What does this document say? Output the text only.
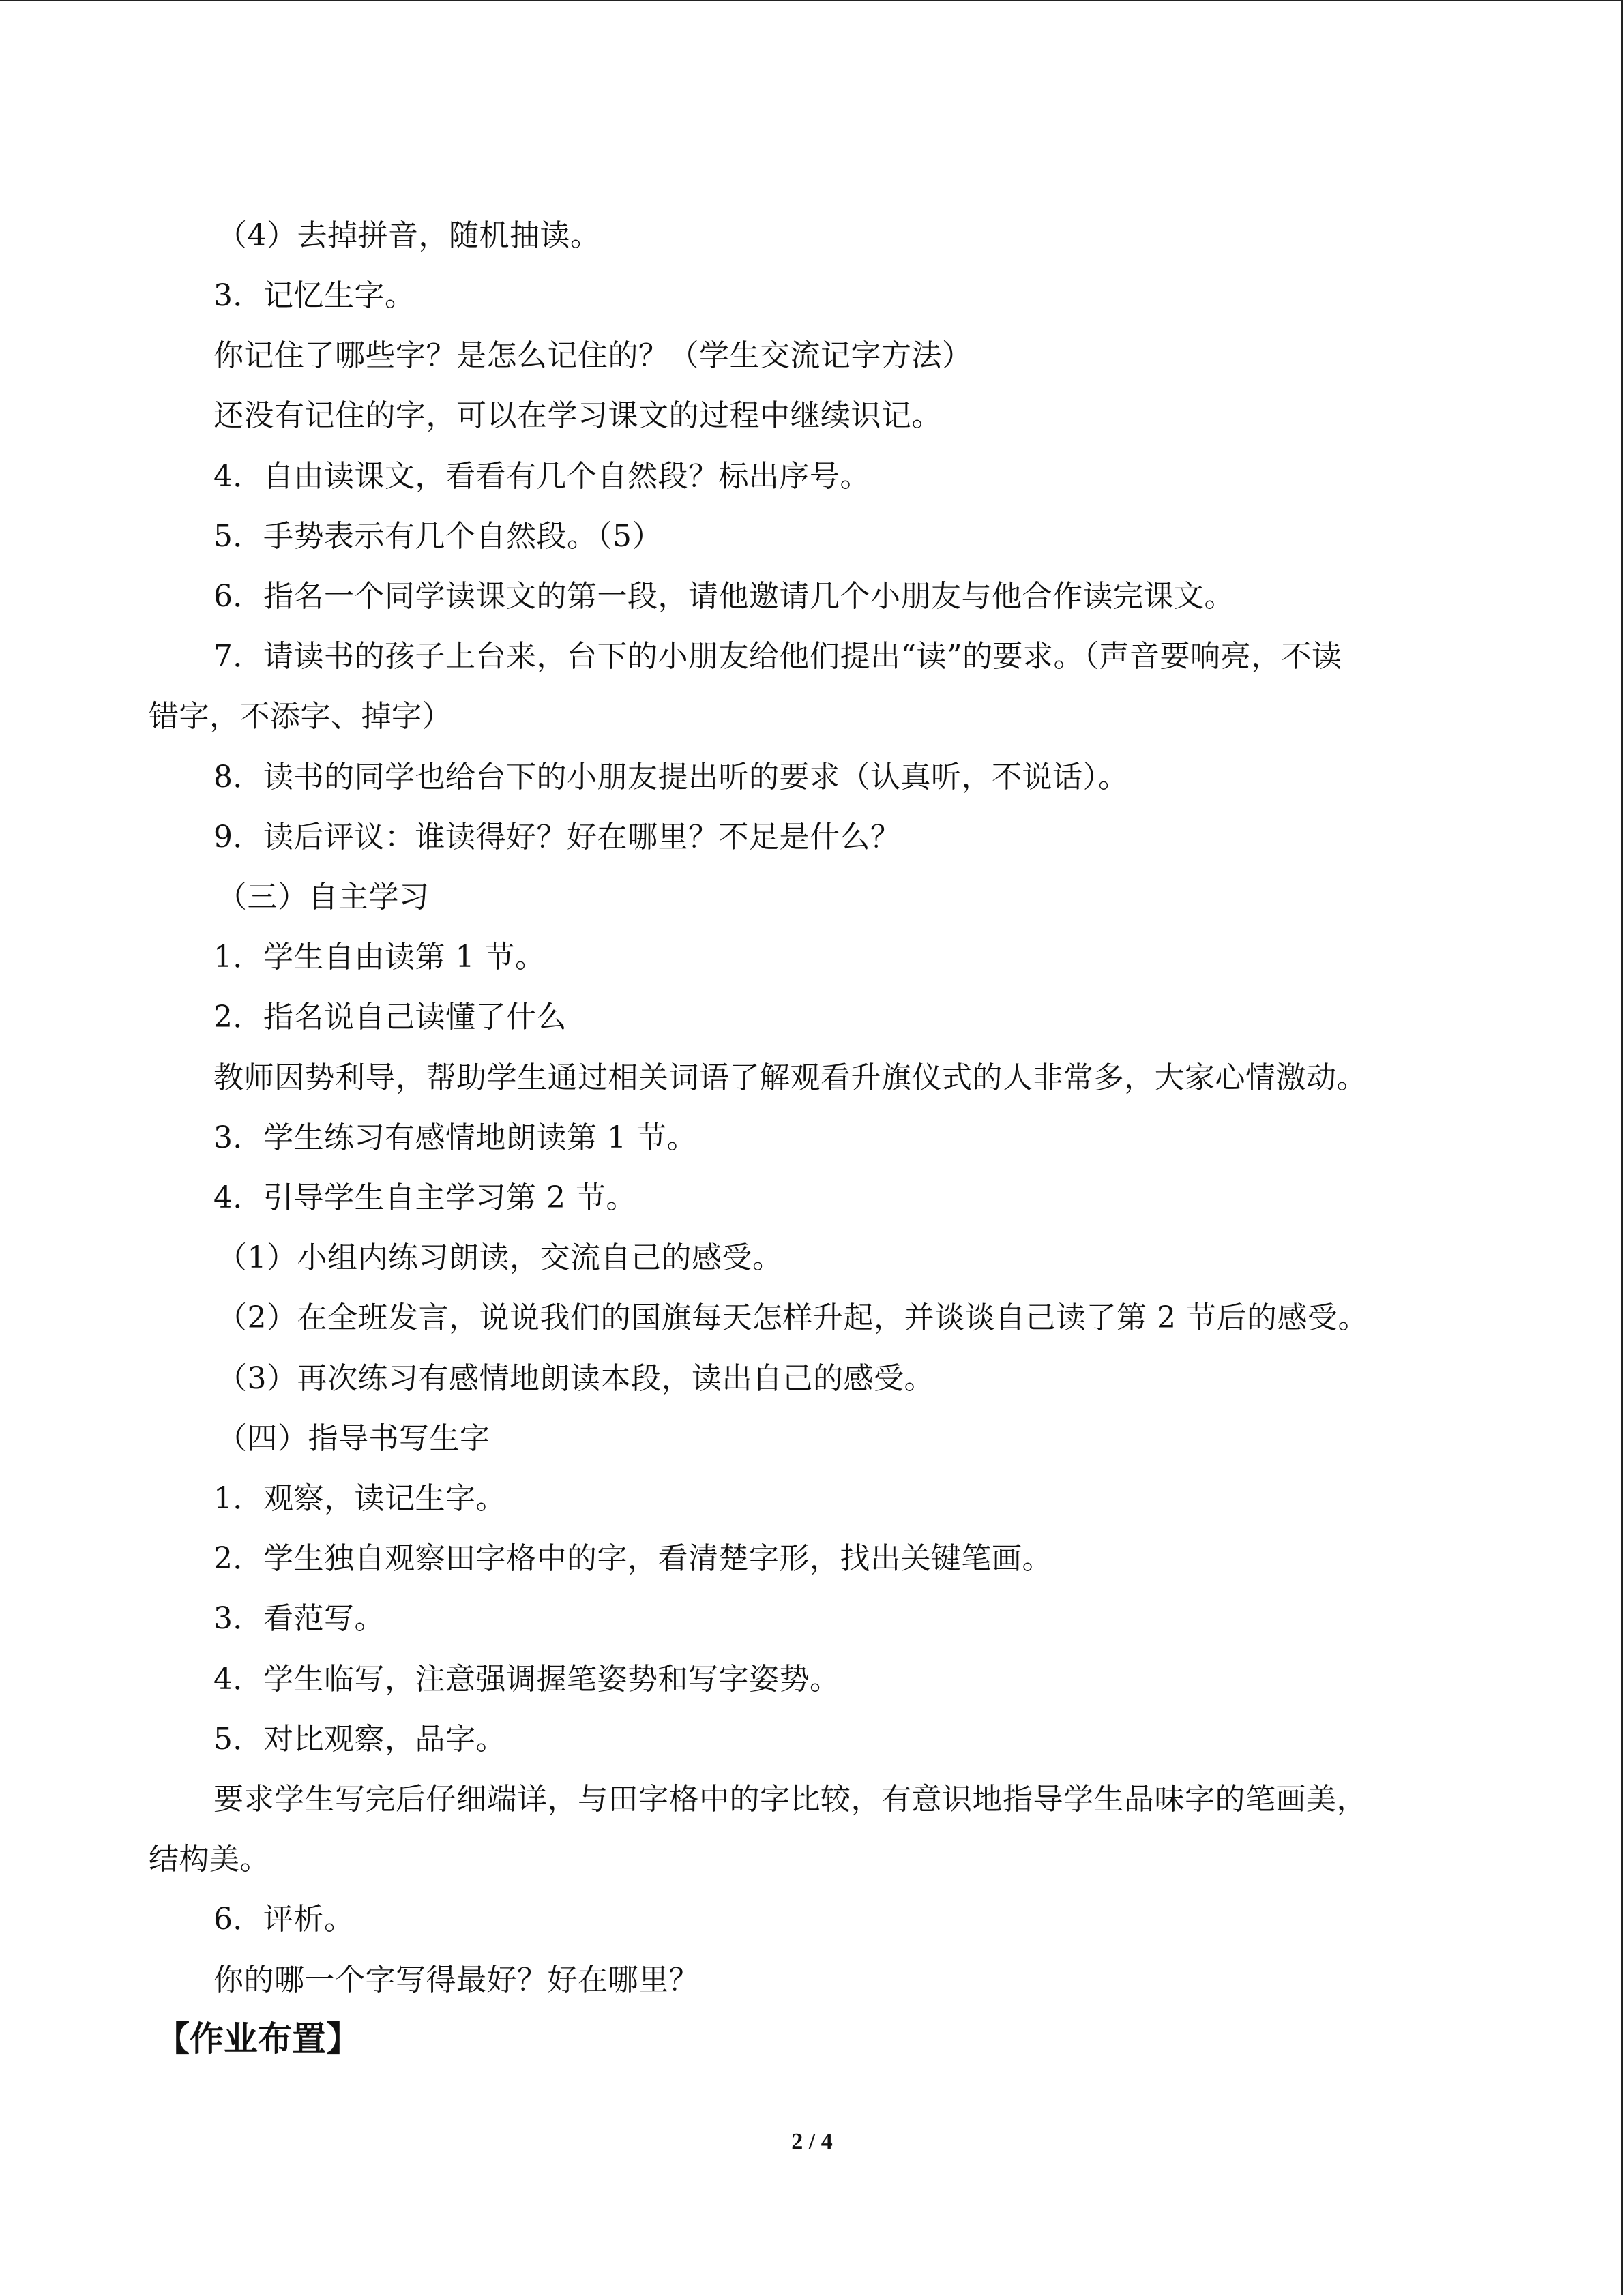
（4）去掉拼音，随机抽读。
3．记忆生字。
你记住了哪些字？是怎么记住的？（学生交流记字方法）
还没有记住的字，可以在学习课文的过程中继续识记。
4．自由读课文，看看有几个自然段？标出序号。
5．手势表示有几个自然段。（5）
6．指名一个同学读课文的第一段，请他邀请几个小朋友与他合作读完课文。
7．请读书的孩子上台来，台下的小朋友给他们提出“读”的要求。（声音要响亮，不读
错字，不添字、掉字）
8．读书的同学也给台下的小朋友提出听的要求（认真听，不说话）。
9．读后评议：谁读得好？好在哪里？不足是什么？
（三）自主学习
1．学生自由读第 1 节。
2．指名说自己读懂了什么
教师因势利导，帮助学生通过相关词语了解观看升旗仪式的人非常多，大家心情激动。
3．学生练习有感情地朗读第 1 节。
4．引导学生自主学习第 2 节。
（1）小组内练习朗读，交流自己的感受。
（2）在全班发言，说说我们的国旗每天怎样升起，并谈谈自己读了第 2 节后的感受。
（3）再次练习有感情地朗读本段，读出自己的感受。
（四）指导书写生字
1．观察，读记生字。
2．学生独自观察田字格中的字，看清楚字形，找出关键笔画。
3．看范写。
4．学生临写，注意强调握笔姿势和写字姿势。
5．对比观察，品字。
要求学生写完后仔细端详，与田字格中的字比较，有意识地指导学生品味字的笔画美，
结构美。
6．评析。
你的哪一个字写得最好？好在哪里？
【作业布置】
2 / 4
